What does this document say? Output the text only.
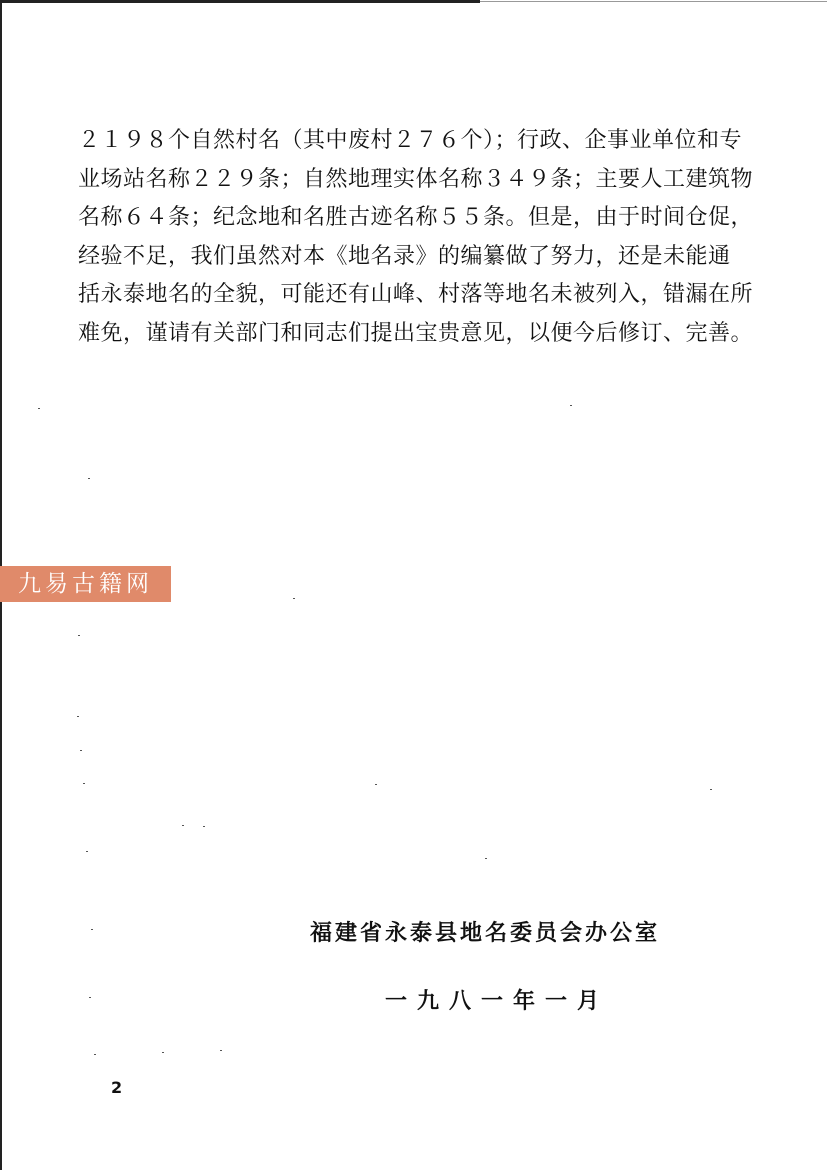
２１９８个自然村名（其中废村２７６个）；行政、企事业单位和专
业场站名称２２９条；自然地理实体名称３４９条；主要人工建筑物
名称６４条；纪念地和名胜古迹名称５５条。但是，由于时间仓促，
经验不足，我们虽然对本《地名录》的编纂做了努力，还是未能通
括永泰地名的全貌，可能还有山峰、村落等地名未被列入，错漏在所
难免，谨请有关部门和同志们提出宝贵意见，以便今后修订、完善。
九易古籍网
福建省永泰县地名委员会办公室
一九八一年一月
2
